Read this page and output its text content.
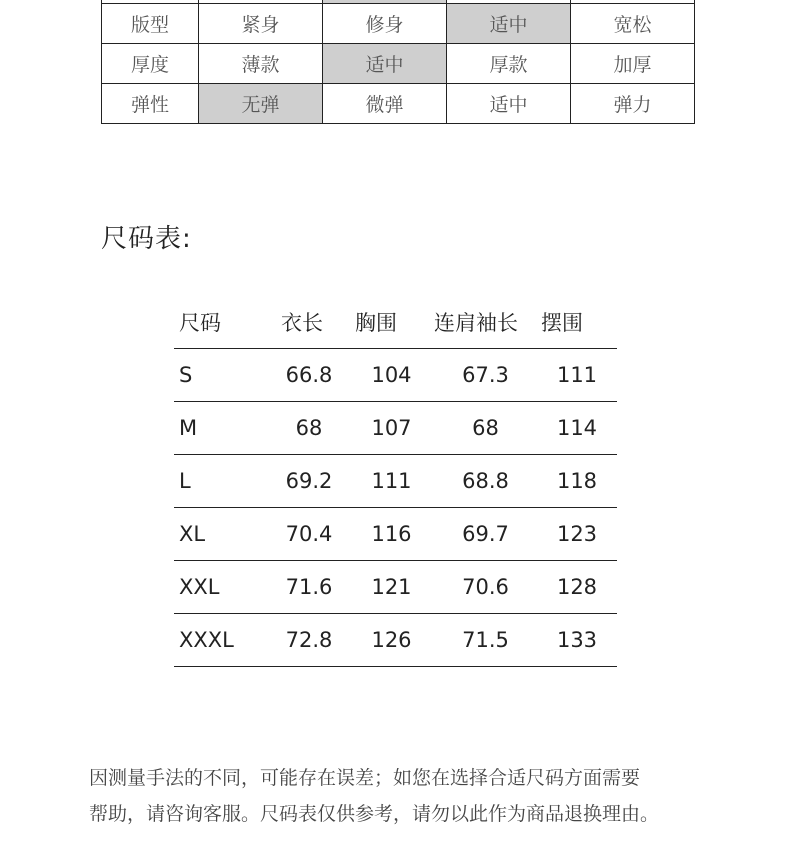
版型	紧身	修身	适中	宽松
厚度	薄款	适中	厚款	加厚
弹性	无弹	微弹	适中	弹力
尺码表:
尺码	衣长	胸围	连肩袖长	摆围
S	66.8	104	67.3	111
M	68	107	68	114
L	69.2	111	68.8	118
XL	70.4	116	69.7	123
XXL	71.6	121	70.6	128
XXXL	72.8	126	71.5	133

因测量手法的不同，可能存在误差；如您在选择合适尺码方面需要

帮助，请咨询客服。尺码表仅供参考，请勿以此作为商品退换理由。
